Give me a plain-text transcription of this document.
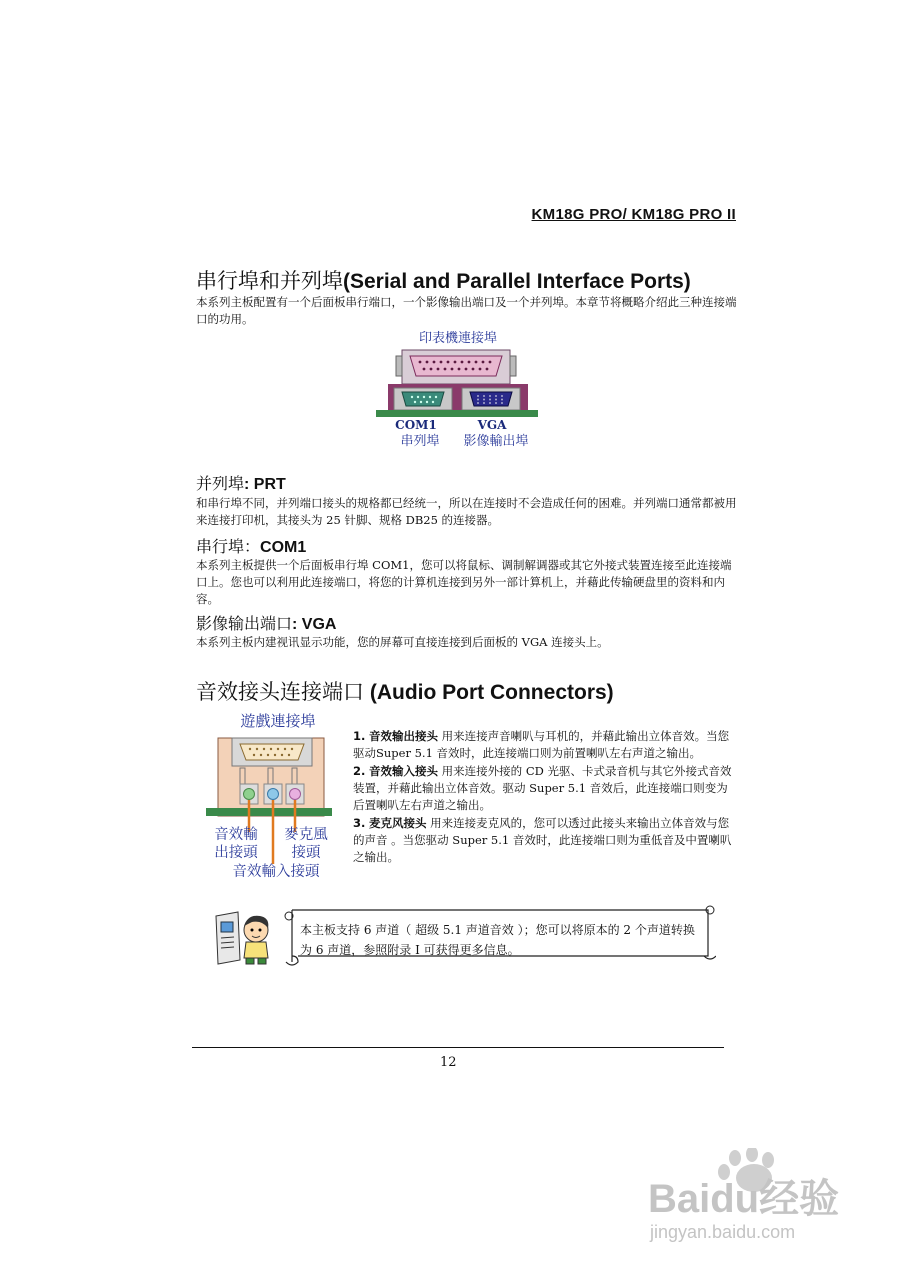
KM18G PRO/ KM18G PRO II
串行埠和并列埠(Serial and Parallel Interface Ports)

本系列主板配置有一个后面板串行端口，一个影像输出端口及一个并列埠。本章节将概略介绍此三种连接端口的功用。

印表機連接埠
COM1	VGA
串列埠 影像輸出埠
并列埠: PRT

和串行埠不同，并列端口接头的规格都已经统一，所以在连接时不会造成任何的困难。并列端口通常都被用来连接打印机，其接头为 25 针脚、规格 DB25 的连接器。

串行埠：COM1

本系列主板提供一个后面板串行埠 COM1，您可以将鼠标、调制解调器或其它外接式装置连接至此连接端口上。您也可以利用此连接端口，将您的计算机连接到另外一部计算机上，并藉此传输硬盘里的资料和内容。

影像输出端口: VGA

本系列主板内建视讯显示功能，您的屏幕可直接连接到后面板的 VGA 连接头上。

音效接头连接端口 (Audio Port Connectors)
遊戲連接埠
音效輸
出接頭
麥克風
接頭
音效輸入接頭

1. 音效输出接头 用来连接声音喇叭与耳机的，并藉此输出立体音效。当您驱动Super 5.1 音效时，此连接端口则为前置喇叭左右声道之输出。

2. 音效输入接头 用来连接外接的 CD 光驱、卡式录音机与其它外接式音效装置，并藉此输出立体音效。驱动 Super 5.1 音效后，此连接端口则变为后置喇叭左右声道之输出。

3. 麦克风接头 用来连接麦克风的，您可以透过此接头来输出立体音效与您的声音 。当您驱动 Super 5.1 音效时，此连接端口则为重低音及中置喇叭之输出。

本主板支持 6 声道（ 超级 5.1 声道音效 ）；您可以将原本的 2 个声道转换为 6 声道，参照附录 I 可获得更多信息。
12
Baidu经验
jingyan.baidu.com
